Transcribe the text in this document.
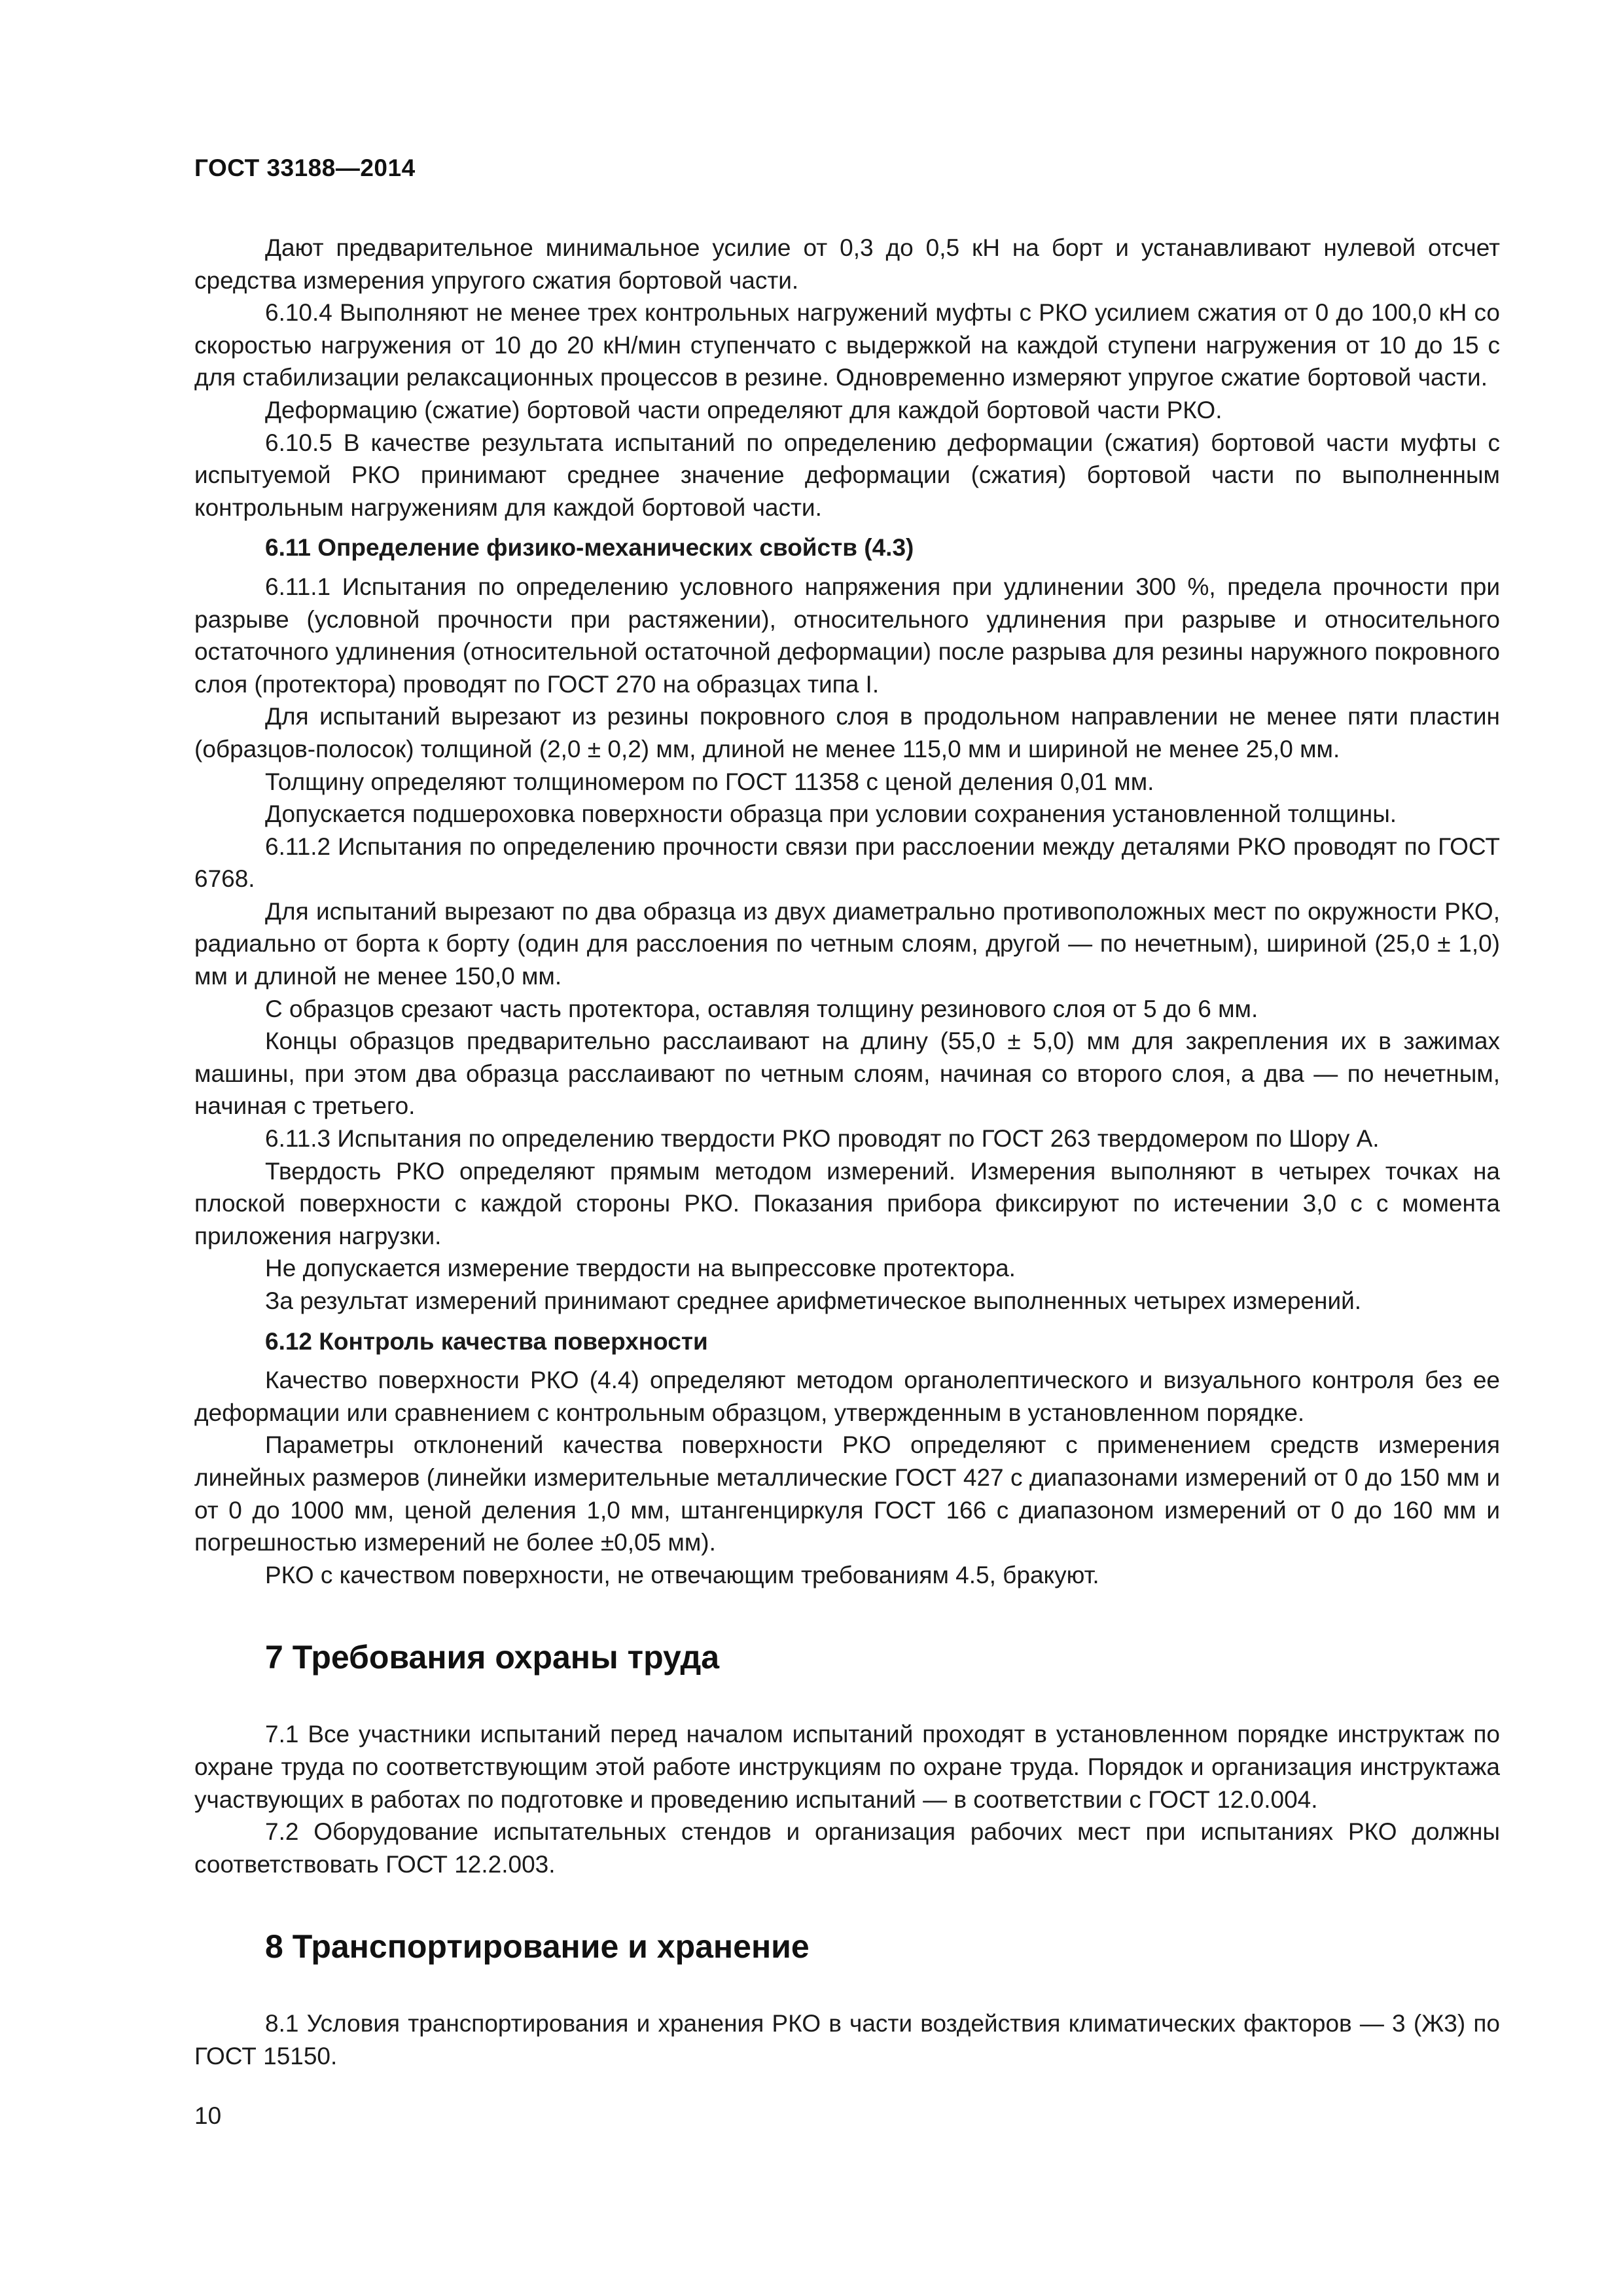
ГОСТ 33188—2014

Дают предварительное минимальное усилие от 0,3 до 0,5 кН на борт и устанавливают нулевой отсчет средства измерения упругого сжатия бортовой части.

6.10.4 Выполняют не менее трех контрольных нагружений муфты с РКО усилием сжатия от 0 до 100,0 кН со скоростью нагружения от 10 до 20 кН/мин ступенчато с выдержкой на каждой ступени нагружения от 10 до 15 с для стабилизации релаксационных процессов в резине. Одновременно измеряют упругое сжатие бортовой части.

Деформацию (сжатие) бортовой части определяют для каждой бортовой части РКО.

6.10.5 В качестве результата испытаний по определению деформации (сжатия) бортовой части муфты с испытуемой РКО принимают среднее значение деформации (сжатия) бортовой части по выполненным контрольным нагружениям для каждой бортовой части.

6.11 Определение физико-механических свойств (4.3)

6.11.1 Испытания по определению условного напряжения при удлинении 300 %, предела прочности при разрыве (условной прочности при растяжении), относительного удлинения при разрыве и относительного остаточного удлинения (относительной остаточной деформации) после разрыва для резины наружного покровного слоя (протектора) проводят по ГОСТ 270 на образцах типа I.

Для испытаний вырезают из резины покровного слоя в продольном направлении не менее пяти пластин (образцов-полосок) толщиной (2,0 ± 0,2) мм, длиной не менее 115,0 мм и шириной не менее 25,0 мм.

Толщину определяют толщиномером по ГОСТ 11358 с ценой деления 0,01 мм.

Допускается подшероховка поверхности образца при условии сохранения установленной толщины.

6.11.2 Испытания по определению прочности связи при расслоении между деталями РКО проводят по ГОСТ 6768.

Для испытаний вырезают по два образца из двух диаметрально противоположных мест по окружности РКО, радиально от борта к борту (один для расслоения по четным слоям, другой — по нечетным), шириной (25,0 ± 1,0) мм и длиной не менее 150,0 мм.

С образцов срезают часть протектора, оставляя толщину резинового слоя от 5 до 6 мм.

Концы образцов предварительно расслаивают на длину (55,0 ± 5,0) мм для закрепления их в зажимах машины, при этом два образца расслаивают по четным слоям, начиная со второго слоя, а два — по нечетным, начиная с третьего.

6.11.3 Испытания по определению твердости РКО проводят по ГОСТ 263 твердомером по Шору А.

Твердость РКО определяют прямым методом измерений. Измерения выполняют в четырех точках на плоской поверхности с каждой стороны РКО. Показания прибора фиксируют по истечении 3,0 с с момента приложения нагрузки.

Не допускается измерение твердости на выпрессовке протектора.

За результат измерений принимают среднее арифметическое выполненных четырех измерений.

6.12 Контроль качества поверхности

Качество поверхности РКО (4.4) определяют методом органолептического и визуального контроля без ее деформации или сравнением с контрольным образцом, утвержденным в установленном порядке.

Параметры отклонений качества поверхности РКО определяют с применением средств измерения линейных размеров (линейки измерительные металлические ГОСТ 427 с диапазонами измерений от 0 до 150 мм и от 0 до 1000 мм, ценой деления 1,0 мм, штангенциркуля ГОСТ 166 с диапазоном измерений от 0 до 160 мм и погрешностью измерений не более ±0,05 мм).

РКО с качеством поверхности, не отвечающим требованиям 4.5, бракуют.

7 Требования охраны труда

7.1 Все участники испытаний перед началом испытаний проходят в установленном порядке инструктаж по охране труда по соответствующим этой работе инструкциям по охране труда. Порядок и организация инструктажа участвующих в работах по подготовке и проведению испытаний — в соответствии с ГОСТ 12.0.004.

7.2 Оборудование испытательных стендов и организация рабочих мест при испытаниях РКО должны соответствовать ГОСТ 12.2.003.

8 Транспортирование и хранение

8.1 Условия транспортирования и хранения РКО в части воздействия климатических факторов — 3 (Ж3) по ГОСТ 15150.

10
